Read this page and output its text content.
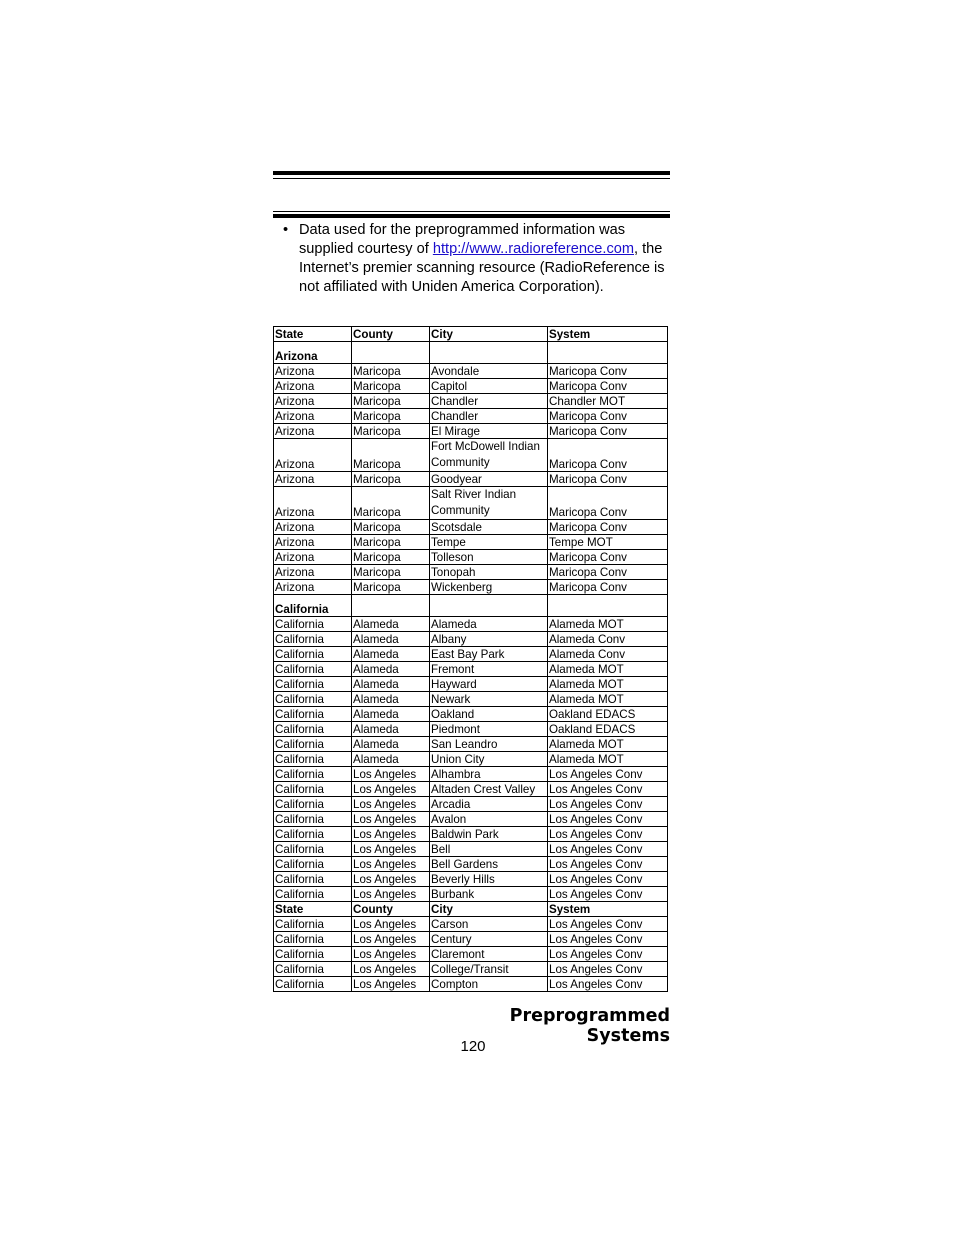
• Data used for the preprogrammed information was supplied courtesy of http://www..radioreference.com, the Internet’s premier scanning resource (RadioReference is not affiliated with Uniden America Corporation).
State	County	City	System
Arizona			
Arizona	Maricopa	Avondale	Maricopa Conv
Arizona	Maricopa	Capitol	Maricopa Conv
Arizona	Maricopa	Chandler	Chandler MOT
Arizona	Maricopa	Chandler	Maricopa Conv
Arizona	Maricopa	El Mirage	Maricopa Conv
Arizona	Maricopa	Fort McDowell Indian Community	Maricopa Conv
Arizona	Maricopa	Goodyear	Maricopa Conv
Arizona	Maricopa	Salt River Indian Community	Maricopa Conv
Arizona	Maricopa	Scotsdale	Maricopa Conv
Arizona	Maricopa	Tempe	Tempe MOT
Arizona	Maricopa	Tolleson	Maricopa Conv
Arizona	Maricopa	Tonopah	Maricopa Conv
Arizona	Maricopa	Wickenberg	Maricopa Conv
California			
California	Alameda	Alameda	Alameda MOT
California	Alameda	Albany	Alameda Conv
California	Alameda	East Bay Park	Alameda Conv
California	Alameda	Fremont	Alameda MOT
California	Alameda	Hayward	Alameda MOT
California	Alameda	Newark	Alameda MOT
California	Alameda	Oakland	Oakland EDACS
California	Alameda	Piedmont	Oakland EDACS
California	Alameda	San Leandro	Alameda MOT
California	Alameda	Union City	Alameda MOT
California	Los Angeles	Alhambra	Los Angeles Conv
California	Los Angeles	Altaden Crest Valley	Los Angeles Conv
California	Los Angeles	Arcadia	Los Angeles Conv
California	Los Angeles	Avalon	Los Angeles Conv
California	Los Angeles	Baldwin Park	Los Angeles Conv
California	Los Angeles	Bell	Los Angeles Conv
California	Los Angeles	Bell Gardens	Los Angeles Conv
California	Los Angeles	Beverly Hills	Los Angeles Conv
California	Los Angeles	Burbank	Los Angeles Conv
State	County	City	System
California	Los Angeles	Carson	Los Angeles Conv
California	Los Angeles	Century	Los Angeles Conv
California	Los Angeles	Claremont	Los Angeles Conv
California	Los Angeles	College/Transit	Los Angeles Conv
California	Los Angeles	Compton	Los Angeles Conv
Preprogrammed Systems
120
